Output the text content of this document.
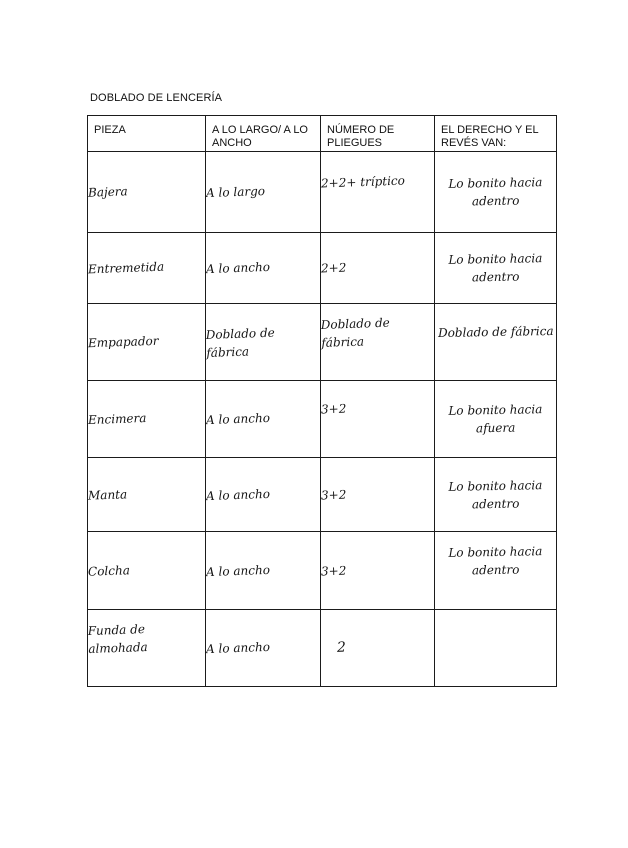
DOBLADO DE LENCERÍA
PIEZA	A LO LARGO/ A LO ANCHO	NÚMERO DE PLIEGUES	EL DERECHO Y EL REVÉS VAN:
Bajera	A lo largo	2+2+ tríptico	Lo bonito hacia adentro
Entremetida	A lo ancho	2+2	Lo bonito hacia adentro
Empapador	Doblado de fábrica	Doblado de fábrica	Doblado de fábrica
Encimera	A lo ancho	3+2	Lo bonito hacia afuera
Manta	A lo ancho	3+2	Lo bonito hacia adentro
Colcha	A lo ancho	3+2	Lo bonito hacia adentro
Funda de almohada	A lo ancho	2	
